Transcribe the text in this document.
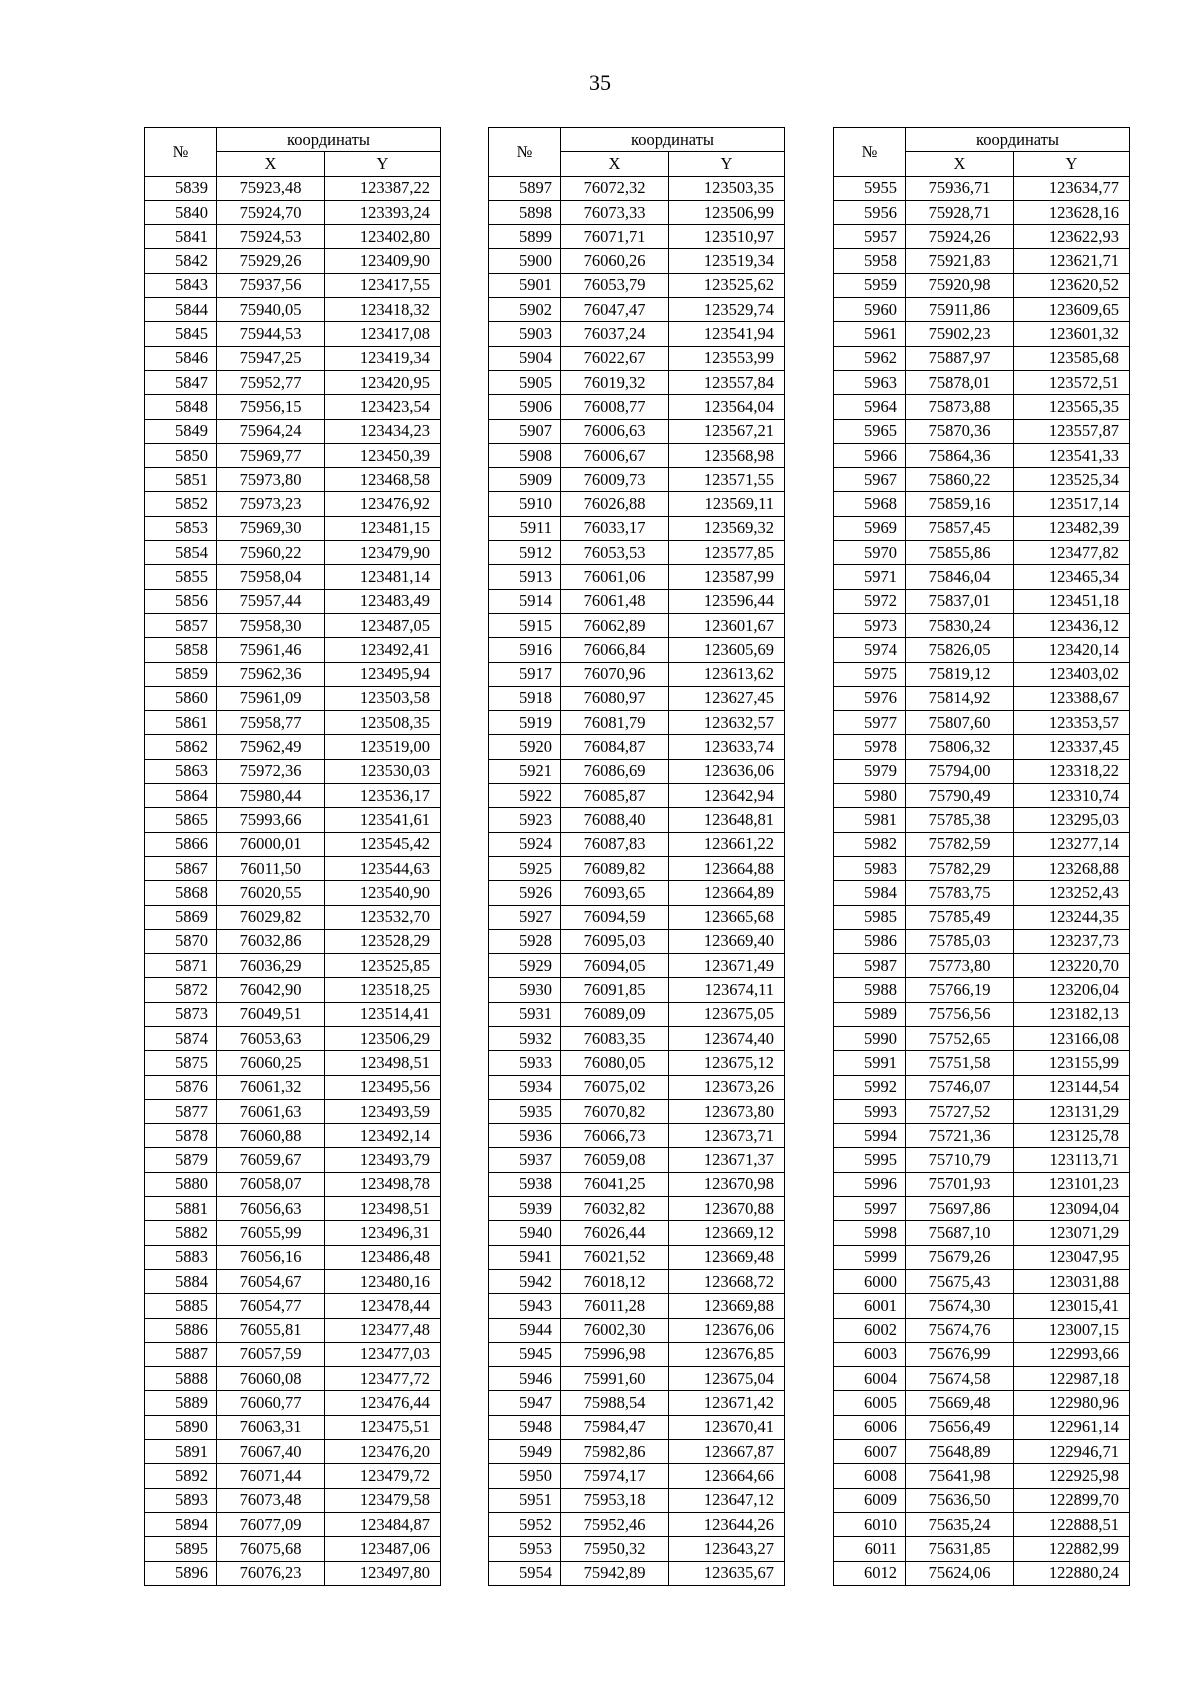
35
№	координаты	
	X	Y
5839	75923,48	123387,22
5840	75924,70	123393,24
5841	75924,53	123402,80
5842	75929,26	123409,90
5843	75937,56	123417,55
5844	75940,05	123418,32
5845	75944,53	123417,08
5846	75947,25	123419,34
5847	75952,77	123420,95
5848	75956,15	123423,54
5849	75964,24	123434,23
5850	75969,77	123450,39
5851	75973,80	123468,58
5852	75973,23	123476,92
5853	75969,30	123481,15
5854	75960,22	123479,90
5855	75958,04	123481,14
5856	75957,44	123483,49
5857	75958,30	123487,05
5858	75961,46	123492,41
5859	75962,36	123495,94
5860	75961,09	123503,58
5861	75958,77	123508,35
5862	75962,49	123519,00
5863	75972,36	123530,03
5864	75980,44	123536,17
5865	75993,66	123541,61
5866	76000,01	123545,42
5867	76011,50	123544,63
5868	76020,55	123540,90
5869	76029,82	123532,70
5870	76032,86	123528,29
5871	76036,29	123525,85
5872	76042,90	123518,25
5873	76049,51	123514,41
5874	76053,63	123506,29
5875	76060,25	123498,51
5876	76061,32	123495,56
5877	76061,63	123493,59
5878	76060,88	123492,14
5879	76059,67	123493,79
5880	76058,07	123498,78
5881	76056,63	123498,51
5882	76055,99	123496,31
5883	76056,16	123486,48
5884	76054,67	123480,16
5885	76054,77	123478,44
5886	76055,81	123477,48
5887	76057,59	123477,03
5888	76060,08	123477,72
5889	76060,77	123476,44
5890	76063,31	123475,51
5891	76067,40	123476,20
5892	76071,44	123479,72
5893	76073,48	123479,58
5894	76077,09	123484,87
5895	76075,68	123487,06
5896	76076,23	123497,80
№	координаты	
	X	Y
5897	76072,32	123503,35
5898	76073,33	123506,99
5899	76071,71	123510,97
5900	76060,26	123519,34
5901	76053,79	123525,62
5902	76047,47	123529,74
5903	76037,24	123541,94
5904	76022,67	123553,99
5905	76019,32	123557,84
5906	76008,77	123564,04
5907	76006,63	123567,21
5908	76006,67	123568,98
5909	76009,73	123571,55
5910	76026,88	123569,11
5911	76033,17	123569,32
5912	76053,53	123577,85
5913	76061,06	123587,99
5914	76061,48	123596,44
5915	76062,89	123601,67
5916	76066,84	123605,69
5917	76070,96	123613,62
5918	76080,97	123627,45
5919	76081,79	123632,57
5920	76084,87	123633,74
5921	76086,69	123636,06
5922	76085,87	123642,94
5923	76088,40	123648,81
5924	76087,83	123661,22
5925	76089,82	123664,88
5926	76093,65	123664,89
5927	76094,59	123665,68
5928	76095,03	123669,40
5929	76094,05	123671,49
5930	76091,85	123674,11
5931	76089,09	123675,05
5932	76083,35	123674,40
5933	76080,05	123675,12
5934	76075,02	123673,26
5935	76070,82	123673,80
5936	76066,73	123673,71
5937	76059,08	123671,37
5938	76041,25	123670,98
5939	76032,82	123670,88
5940	76026,44	123669,12
5941	76021,52	123669,48
5942	76018,12	123668,72
5943	76011,28	123669,88
5944	76002,30	123676,06
5945	75996,98	123676,85
5946	75991,60	123675,04
5947	75988,54	123671,42
5948	75984,47	123670,41
5949	75982,86	123667,87
5950	75974,17	123664,66
5951	75953,18	123647,12
5952	75952,46	123644,26
5953	75950,32	123643,27
5954	75942,89	123635,67
№	координаты	
	X	Y
5955	75936,71	123634,77
5956	75928,71	123628,16
5957	75924,26	123622,93
5958	75921,83	123621,71
5959	75920,98	123620,52
5960	75911,86	123609,65
5961	75902,23	123601,32
5962	75887,97	123585,68
5963	75878,01	123572,51
5964	75873,88	123565,35
5965	75870,36	123557,87
5966	75864,36	123541,33
5967	75860,22	123525,34
5968	75859,16	123517,14
5969	75857,45	123482,39
5970	75855,86	123477,82
5971	75846,04	123465,34
5972	75837,01	123451,18
5973	75830,24	123436,12
5974	75826,05	123420,14
5975	75819,12	123403,02
5976	75814,92	123388,67
5977	75807,60	123353,57
5978	75806,32	123337,45
5979	75794,00	123318,22
5980	75790,49	123310,74
5981	75785,38	123295,03
5982	75782,59	123277,14
5983	75782,29	123268,88
5984	75783,75	123252,43
5985	75785,49	123244,35
5986	75785,03	123237,73
5987	75773,80	123220,70
5988	75766,19	123206,04
5989	75756,56	123182,13
5990	75752,65	123166,08
5991	75751,58	123155,99
5992	75746,07	123144,54
5993	75727,52	123131,29
5994	75721,36	123125,78
5995	75710,79	123113,71
5996	75701,93	123101,23
5997	75697,86	123094,04
5998	75687,10	123071,29
5999	75679,26	123047,95
6000	75675,43	123031,88
6001	75674,30	123015,41
6002	75674,76	123007,15
6003	75676,99	122993,66
6004	75674,58	122987,18
6005	75669,48	122980,96
6006	75656,49	122961,14
6007	75648,89	122946,71
6008	75641,98	122925,98
6009	75636,50	122899,70
6010	75635,24	122888,51
6011	75631,85	122882,99
6012	75624,06	122880,24
